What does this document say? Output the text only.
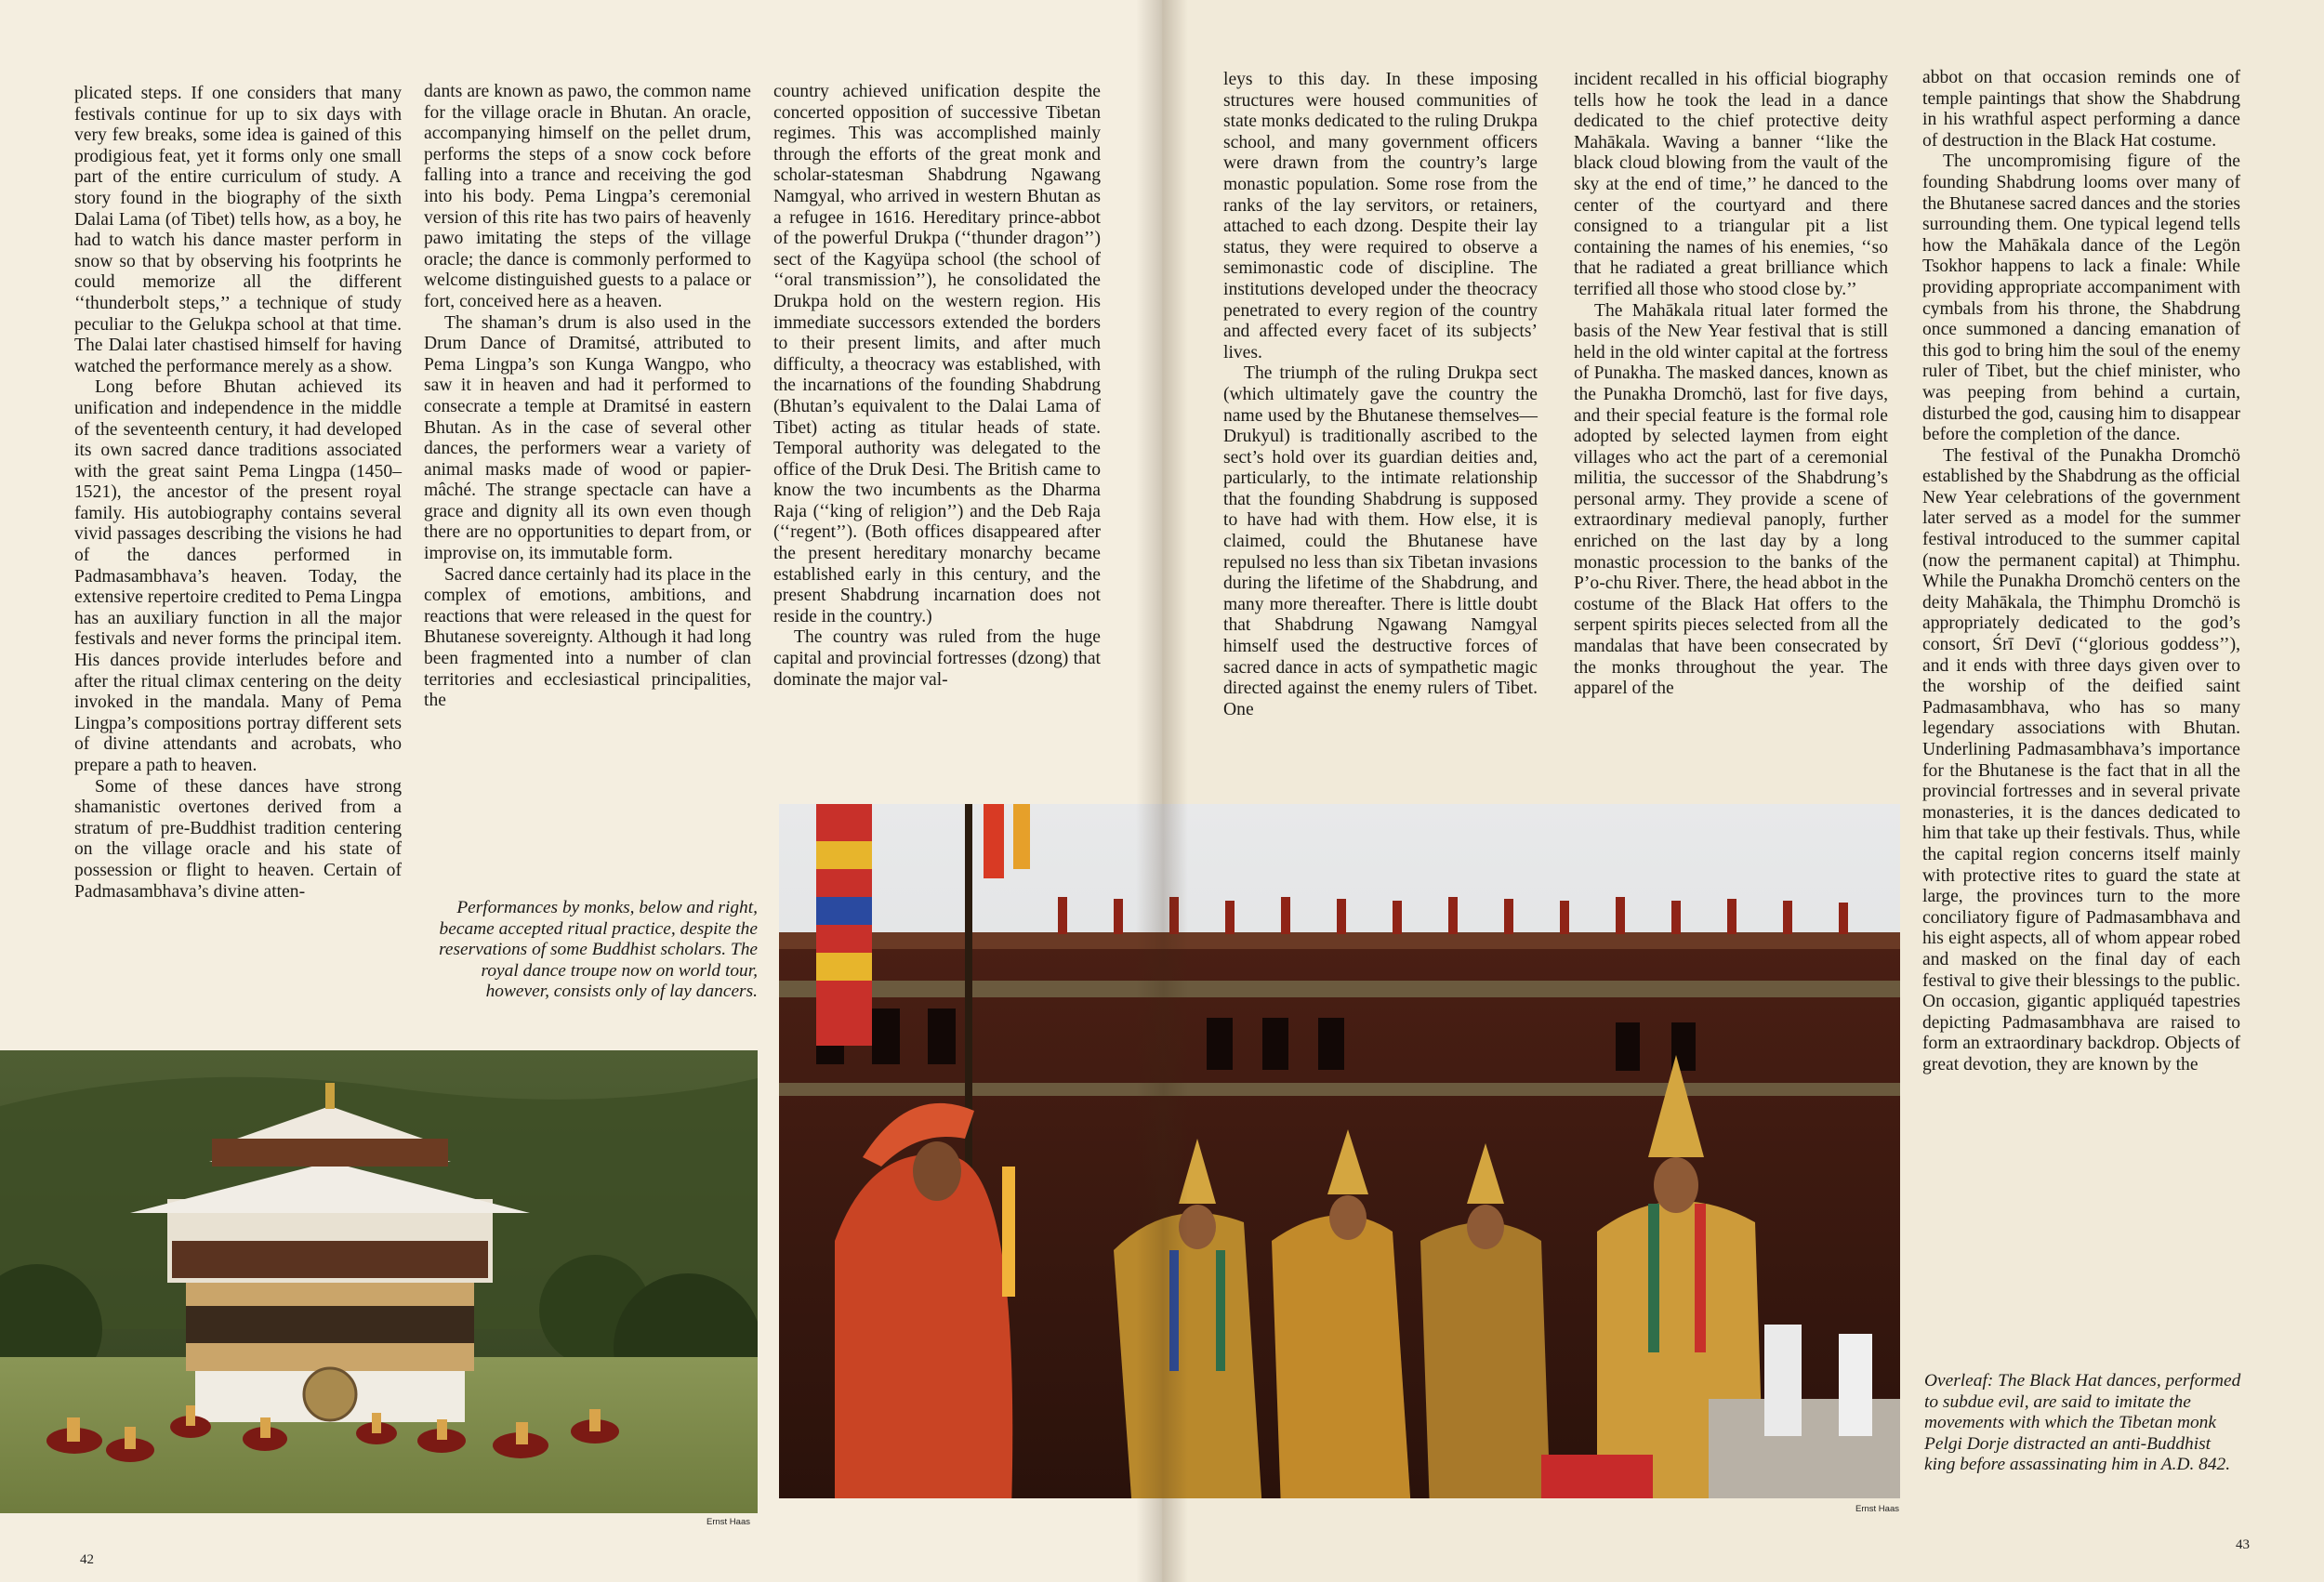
plicated steps. If one considers that many festivals continue for up to six days with very few breaks, some idea is gained of this prodigious feat, yet it forms only one small part of the entire curriculum of study. A story found in the biography of the sixth Dalai Lama (of Tibet) tells how, as a boy, he had to watch his dance master perform in snow so that by observing his footprints he could memorize all the different ‘‘thunderbolt steps,’’ a technique of study peculiar to the Gelukpa school at that time. The Dalai later chastised himself for having watched the performance merely as a show.

Long before Bhutan achieved its unification and independence in the middle of the seventeenth century, it had developed its own sacred dance traditions associated with the great saint Pema Lingpa (1450–1521), the ancestor of the present royal family. His autobiography contains several vivid passages describing the visions he had of the dances performed in Padmasambhava’s heaven. Today, the extensive repertoire credited to Pema Lingpa has an auxiliary function in all the major festivals and never forms the principal item. His dances provide interludes before and after the ritual climax centering on the deity invoked in the mandala. Many of Pema Lingpa’s compositions portray different sets of divine attendants and acrobats, who prepare a path to heaven.

Some of these dances have strong shamanistic overtones derived from a stratum of pre-Buddhist tradition centering on the village oracle and his state of possession or flight to heaven. Certain of Padmasambhava’s divine atten-

dants are known as pawo, the common name for the village oracle in Bhutan. An oracle, accompanying himself on the pellet drum, performs the steps of a snow cock before falling into a trance and receiving the god into his body. Pema Lingpa’s ceremonial version of this rite has two pairs of heavenly pawo imitating the steps of the village oracle; the dance is commonly performed to welcome distinguished guests to a palace or fort, conceived here as a heaven.

The shaman’s drum is also used in the Drum Dance of Dramitsé, attributed to Pema Lingpa’s son Kunga Wangpo, who saw it in heaven and had it performed to consecrate a temple at Dramitsé in eastern Bhutan. As in the case of several other dances, the performers wear a variety of animal masks made of wood or papier-mâché. The strange spectacle can have a grace and dignity all its own even though there are no opportunities to depart from, or improvise on, its immutable form.

Sacred dance certainly had its place in the complex of emotions, ambitions, and reactions that were released in the quest for Bhutanese sovereignty. Although it had long been fragmented into a number of clan territories and ecclesiastical principalities, the

country achieved unification despite the concerted opposition of successive Tibetan regimes. This was accomplished mainly through the efforts of the great monk and scholar-statesman Shabdrung Ngawang Namgyal, who arrived in western Bhutan as a refugee in 1616. Hereditary prince-abbot of the powerful Drukpa (‘‘thunder dragon’’) sect of the Kagyüpa school (the school of ‘‘oral transmission’’), he consolidated the Drukpa hold on the western region. His immediate successors extended the borders to their present limits, and after much difficulty, a theocracy was established, with the incarnations of the founding Shabdrung (Bhutan’s equivalent to the Dalai Lama of Tibet) acting as titular heads of state. Temporal authority was delegated to the office of the Druk Desi. The British came to know the two incumbents as the Dharma Raja (‘‘king of religion’’) and the Deb Raja (‘‘regent’’). (Both offices disappeared after the present hereditary monarchy became established early in this century, and the present Shabdrung incarnation does not reside in the country.)

The country was ruled from the huge capital and provincial fortresses (dzong) that dominate the major val-

Performances by monks, below and right, became accepted ritual practice, despite the reservations of some Buddhist scholars. The royal dance troupe now on world tour, however, consists only of lay dancers.

Ernst Haas
42

leys to this day. In these imposing structures were housed communities of state monks dedicated to the ruling Drukpa school, and many government officers were drawn from the country’s large monastic population. Some rose from the ranks of the lay servitors, or retainers, attached to each dzong. Despite their lay status, they were required to observe a semimonastic code of discipline. The institutions developed under the theocracy penetrated to every region of the country and affected every facet of its subjects’ lives.

The triumph of the ruling Drukpa sect (which ultimately gave the country the name used by the Bhutanese themselves—Drukyul) is traditionally ascribed to the sect’s hold over its guardian deities and, particularly, to the intimate relationship that the founding Shabdrung is supposed to have had with them. How else, it is claimed, could the Bhutanese have repulsed no less than six Tibetan invasions during the lifetime of the Shabdrung, and many more thereafter. There is little doubt that Shabdrung Ngawang Namgyal himself used the destructive forces of sacred dance in acts of sympathetic magic directed against the enemy rulers of Tibet. One

incident recalled in his official biography tells how he took the lead in a dance dedicated to the chief protective deity Mahākala. Waving a banner ‘‘like the black cloud blowing from the vault of the sky at the end of time,’’ he danced to the center of the courtyard and there consigned to a triangular pit a list containing the names of his enemies, ‘‘so that he radiated a great brilliance which terrified all those who stood close by.’’

The Mahākala ritual later formed the basis of the New Year festival that is still held in the old winter capital at the fortress of Punakha. The masked dances, known as the Punakha Dromchö, last for five days, and their special feature is the formal role adopted by selected laymen from eight villages who act the part of a ceremonial militia, the successor of the Shabdrung’s personal army. They provide a scene of extraordinary medieval panoply, further enriched on the last day by a long monastic procession to the banks of the P’o-chu River. There, the head abbot in the costume of the Black Hat offers to the serpent spirits pieces selected from all the mandalas that have been consecrated by the monks throughout the year. The apparel of the

abbot on that occasion reminds one of temple paintings that show the Shabdrung in his wrathful aspect performing a dance of destruction in the Black Hat costume.

The uncompromising figure of the founding Shabdrung looms over many of the Bhutanese sacred dances and the stories surrounding them. One typical legend tells how the Mahākala dance of the Legön Tsokhor happens to lack a finale: While providing appropriate accompaniment with cymbals from his throne, the Shabdrung once summoned a dancing emanation of this god to bring him the soul of the enemy ruler of Tibet, but the chief minister, who was peeping from behind a curtain, disturbed the god, causing him to disappear before the completion of the dance.

The festival of the Punakha Dromchö established by the Shabdrung as the official New Year celebrations of the government later served as a model for the summer festival introduced to the summer capital (now the permanent capital) at Thimphu. While the Punakha Dromchö centers on the deity Mahākala, the Thimphu Dromchö is appropriately dedicated to the god’s consort, Śrī Devī (‘‘glorious goddess’’), and it ends with three days given over to the worship of the deified saint Padmasambhava, who has so many legendary associations with Bhutan. Underlining Padmasambhava’s importance for the Bhutanese is the fact that in all the provincial fortresses and in several private monasteries, it is the dances dedicated to him that take up their festivals. Thus, while the capital region concerns itself mainly with protective rites to guard the state at large, the provinces turn to the more conciliatory figure of Padmasambhava and his eight aspects, all of whom appear robed and masked on the final day of each festival to give their blessings to the public. On occasion, gigantic appliquéd tapestries depicting Padmasambhava are raised to form an extraordinary backdrop. Objects of great devotion, they are known by the

Overleaf: The Black Hat dances, performed to subdue evil, are said to imitate the movements with which the Tibetan monk Pelgi Dorje distracted an anti-Buddhist king before assassinating him in A.D. 842.

Ernst Haas
43
